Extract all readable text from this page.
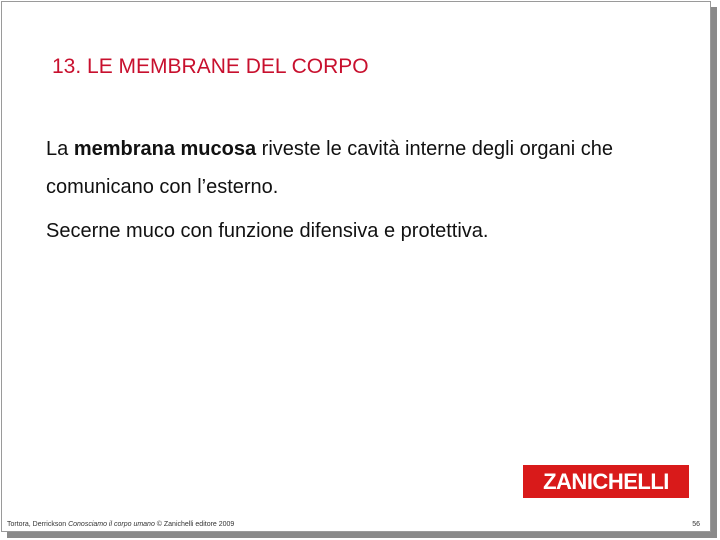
13. LE MEMBRANE DEL CORPO

La membrana mucosa riveste le cavità interne degli organi che comunicano con l’esterno.

Secerne muco con funzione difensiva e protettiva.

ZANICHELLI
Tortora, Derrickson Conosciamo il corpo umano © Zanichelli editore 2009	56
